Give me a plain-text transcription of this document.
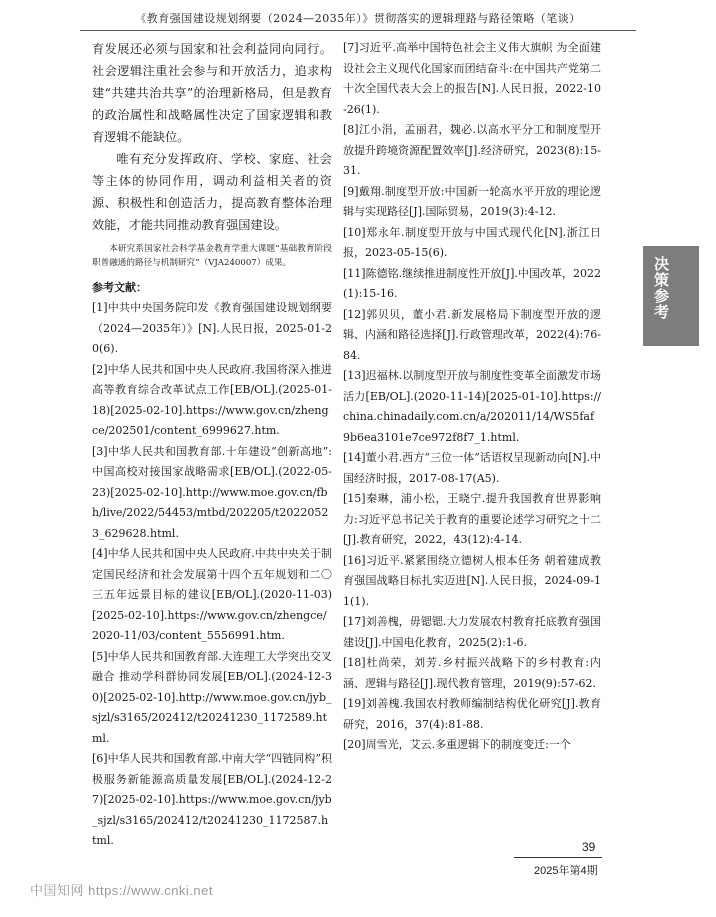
《教育强国建设规划纲要（2024—2035年）》贯彻落实的逻辑理路与路径策略（笔谈）

育发展还必须与国家和社会利益同向同行。社会逻辑注重社会参与和开放活力，追求构建“共建共治共享”的治理新格局，但是教育的政治属性和战略属性决定了国家逻辑和教育逻辑不能缺位。

唯有充分发挥政府、学校、家庭、社会等主体的协同作用，调动利益相关者的资源、积极性和创造活力，提高教育整体治理效能，才能共同推动教育强国建设。

本研究系国家社会科学基金教育学重大课题“基础教育阶段职普融通的路径与机制研究”（VJA240007）成果。

参考文献：

[1]中共中央国务院印发《教育强国建设规划纲要（2024—2035年）》[N].人民日报，2025-01-20(6).

[2]中华人民共和国中央人民政府.我国将深入推进高等教育综合改革试点工作[EB/OL].(2025-01-18)[2025-02-10].https://www.gov.cn/zhengce/202501/content_6999627.htm.

[3]中华人民共和国教育部.十年建设“创新高地”:中国高校对接国家战略需求[EB/OL].(2022-05-23)[2025-02-10].http://www.moe.gov.cn/fbh/live/2022/54453/mtbd/202205/t20220523_629628.html.

[4]中华人民共和国中央人民政府.中共中央关于制定国民经济和社会发展第十四个五年规划和二〇三五年远景目标的建议[EB/OL].(2020-11-03)[2025-02-10].https://www.gov.cn/zhengce/2020-11/03/content_5556991.htm.

[5]中华人民共和国教育部.大连理工大学突出交叉融合 推动学科群协同发展[EB/OL].(2024-12-30)[2025-02-10].http://www.moe.gov.cn/jyb_sjzl/s3165/202412/t20241230_1172589.html.

[6]中华人民共和国教育部.中南大学“四链同构”积极服务新能源高质量发展[EB/OL].(2024-12-27)[2025-02-10].https://www.moe.gov.cn/jyb_sjzl/s3165/202412/t20241230_1172587.html.

[7]习近平.高举中国特色社会主义伟大旗帜 为全面建设社会主义现代化国家而团结奋斗:在中国共产党第二十次全国代表大会上的报告[N].人民日报，2022-10-26(1).

[8]江小涓，孟丽君，魏必.以高水平分工和制度型开放提升跨境资源配置效率[J].经济研究，2023(8):15-31.

[9]戴翔.制度型开放:中国新一轮高水平开放的理论逻辑与实现路径[J].国际贸易，2019(3):4-12.

[10]郑永年.制度型开放与中国式现代化[N].浙江日报，2023-05-15(6).

[11]陈德铭.继续推进制度性开放[J].中国改革，2022(1):15-16.

[12]郭贝贝，董小君.新发展格局下制度型开放的逻辑、内涵和路径选择[J].行政管理改革，2022(4):76-84.

[13]迟福林.以制度型开放与制度性变革全面激发市场活力[EB/OL].(2020-11-14)[2025-01-10].https://china.chinadaily.com.cn/a/202011/14/WS5faf9b6ea3101e7ce972f8f7_1.html.

[14]董小君.西方“三位一体”话语权呈现新动向[N].中国经济时报，2017-08-17(A5).

[15]秦琳，浦小松，王晓宁.提升我国教育世界影响力:习近平总书记关于教育的重要论述学习研究之十二[J].教育研究，2022，43(12):4-14.

[16]习近平.紧紧围绕立德树人根本任务 朝着建成教育强国战略目标扎实迈进[N].人民日报，2024-09-11(1).

[17]刘善槐，毋锶锶.大力发展农村教育托底教育强国建设[J].中国电化教育，2025(2):1-6.

[18]杜尚荣，刘芳.乡村振兴战略下的乡村教育:内涵、逻辑与路径[J].现代教育管理，2019(9):57-62.

[19]刘善槐.我国农村教师编制结构优化研究[J].教育研究，2016，37(4):81-88.

[20]周雪光，艾云.多重逻辑下的制度变迁:一个

决策参考
39
2025年第4期
中国知网 https://www.cnki.net
